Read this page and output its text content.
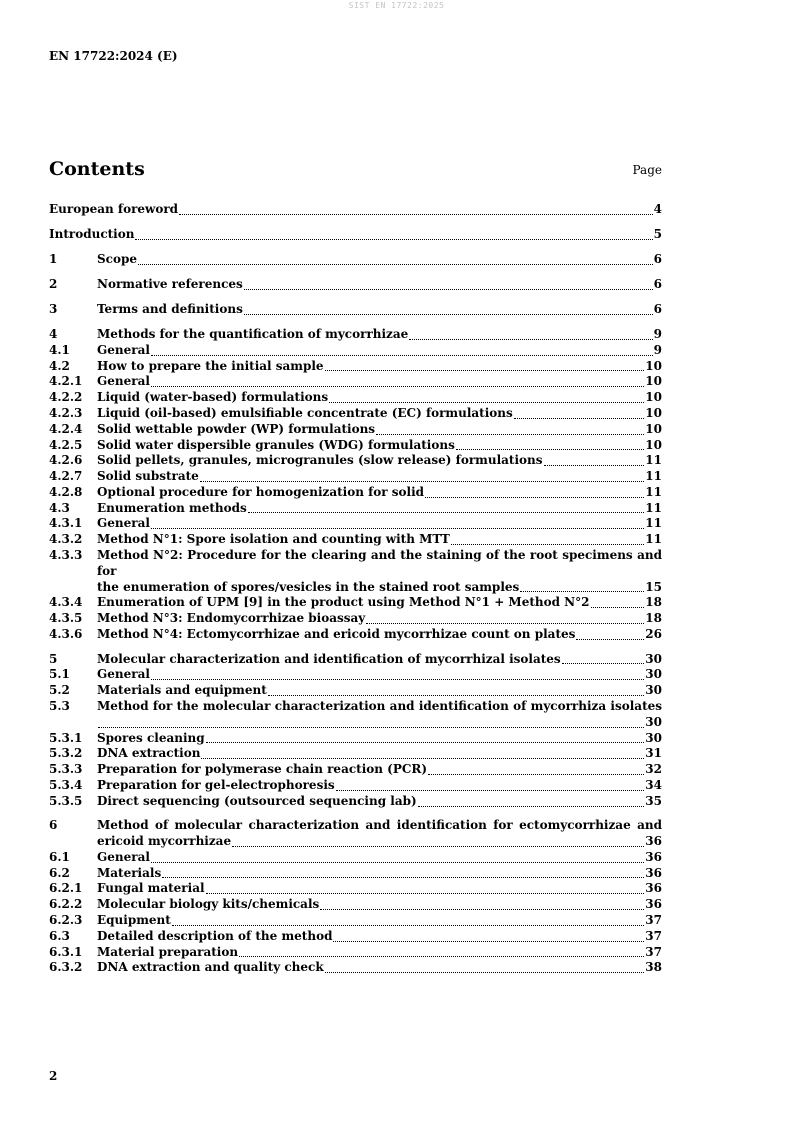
SIST EN 17722:2025
EN 17722:2024 (E)
Contents	Page
European foreword	4
Introduction	5
1	Scope	6
2	Normative references	6
3	Terms and definitions	6
4	Methods for the quantification of mycorrhizae	9
4.1	General	9
4.2	How to prepare the initial sample	10
4.2.1	General	10
4.2.2	Liquid (water-based) formulations	10
4.2.3	Liquid (oil-based) emulsifiable concentrate (EC) formulations	10
4.2.4	Solid wettable powder (WP) formulations	10
4.2.5	Solid water dispersible granules (WDG) formulations	10
4.2.6	Solid pellets, granules, microgranules (slow release) formulations	11
4.2.7	Solid substrate	11
4.2.8	Optional procedure for homogenization for solid	11
4.3	Enumeration methods	11
4.3.1	General	11
4.3.2	Method N°1: Spore isolation and counting with MTT	11
4.3.3	Method N°2: Procedure for the clearing and the staining of the root specimens and for
the enumeration of spores/vesicles in the stained root samples	15
4.3.4	Enumeration of UPM [9] in the product using Method N°1 + Method N°2	18
4.3.5	Method N°3: Endomycorrhizae bioassay	18
4.3.6	Method N°4: Ectomycorrhizae and ericoid mycorrhizae count on plates	26
5	Molecular characterization and identification of mycorrhizal isolates	30
5.1	General	30
5.2	Materials and equipment	30
5.3	Method for the molecular characterization and identification of mycorrhiza isolates
30
5.3.1	Spores cleaning	30
5.3.2	DNA extraction	31
5.3.3	Preparation for polymerase chain reaction (PCR)	32
5.3.4	Preparation for gel-electrophoresis	34
5.3.5	Direct sequencing (outsourced sequencing lab)	35
6	Method of molecular characterization and identification for ectomycorrhizae and
ericoid mycorrhizae	36
6.1	General	36
6.2	Materials	36
6.2.1	Fungal material	36
6.2.2	Molecular biology kits/chemicals	36
6.2.3	Equipment	37
6.3	Detailed description of the method	37
6.3.1	Material preparation	37
6.3.2	DNA extraction and quality check	38
2
